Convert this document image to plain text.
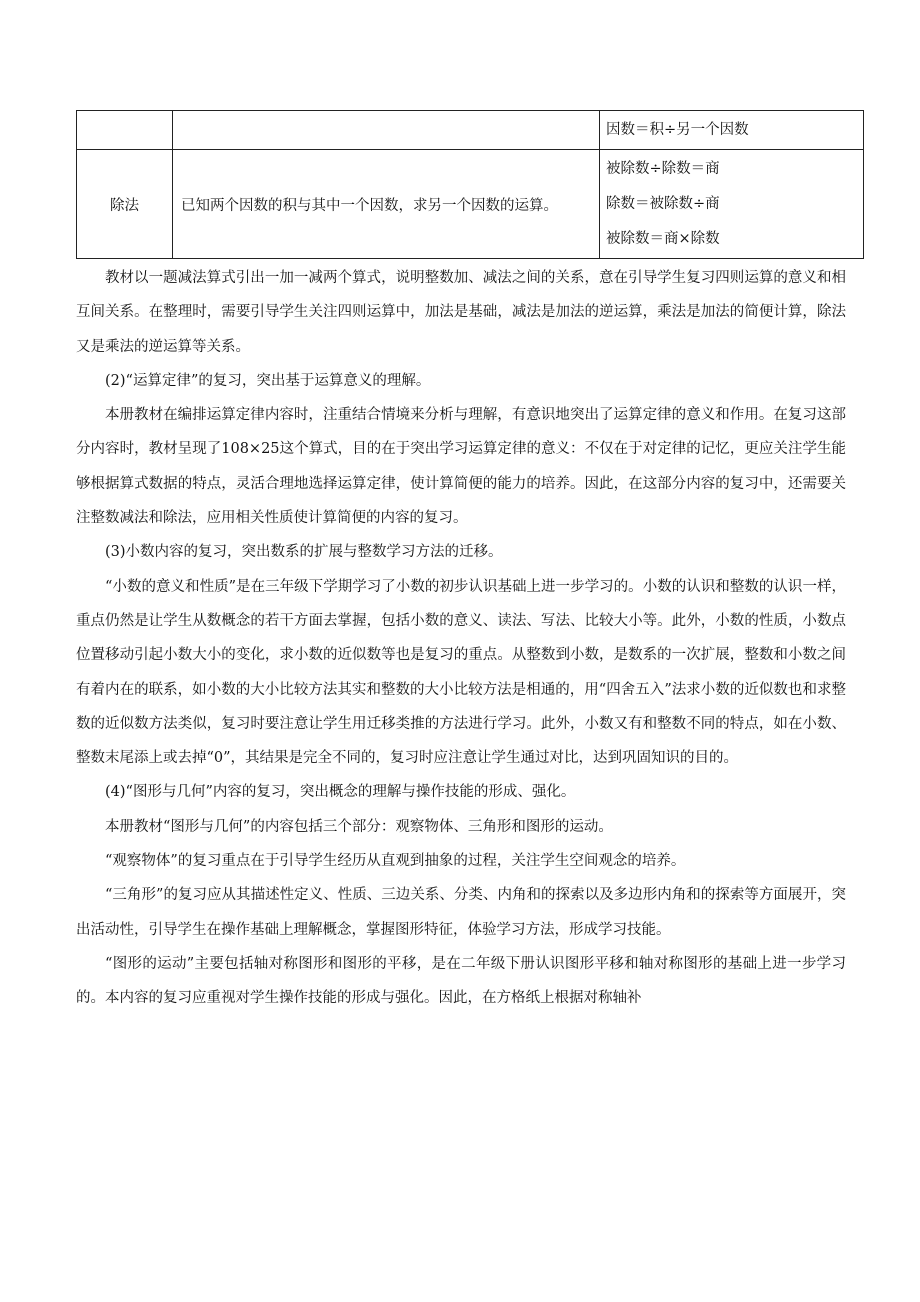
		因数＝积÷另一个因数

除法	已知两个因数的积与其中一个因数，求另一个因数的运算。	被除数÷除数＝商
除数＝被除数÷商
被除数＝商×除数

教材以一题减法算式引出一加一减两个算式，说明整数加、减法之间的关系，意在引导学生复习四则运算的意义和相互间关系。在整理时，需要引导学生关注四则运算中，加法是基础，减法是加法的逆运算，乘法是加法的简便计算，除法又是乘法的逆运算等关系。

(2)“运算定律”的复习，突出基于运算意义的理解。

本册教材在编排运算定律内容时，注重结合情境来分析与理解，有意识地突出了运算定律的意义和作用。在复习这部分内容时，教材呈现了108×25这个算式，目的在于突出学习运算定律的意义：不仅在于对定律的记忆，更应关注学生能够根据算式数据的特点，灵活合理地选择运算定律，使计算简便的能力的培养。因此，在这部分内容的复习中，还需要关注整数减法和除法，应用相关性质使计算简便的内容的复习。

(3)小数内容的复习，突出数系的扩展与整数学习方法的迁移。

“小数的意义和性质”是在三年级下学期学习了小数的初步认识基础上进一步学习的。小数的认识和整数的认识一样，重点仍然是让学生从数概念的若干方面去掌握，包括小数的意义、读法、写法、比较大小等。此外，小数的性质，小数点位置移动引起小数大小的变化，求小数的近似数等也是复习的重点。从整数到小数，是数系的一次扩展，整数和小数之间有着内在的联系，如小数的大小比较方法其实和整数的大小比较方法是相通的，用“四舍五入”法求小数的近似数也和求整数的近似数方法类似，复习时要注意让学生用迁移类推的方法进行学习。此外，小数又有和整数不同的特点，如在小数、整数末尾添上或去掉“0”，其结果是完全不同的，复习时应注意让学生通过对比，达到巩固知识的目的。

(4)“图形与几何”内容的复习，突出概念的理解与操作技能的形成、强化。

本册教材“图形与几何”的内容包括三个部分：观察物体、三角形和图形的运动。

“观察物体”的复习重点在于引导学生经历从直观到抽象的过程，关注学生空间观念的培养。

“三角形”的复习应从其描述性定义、性质、三边关系、分类、内角和的探索以及多边形内角和的探索等方面展开，突出活动性，引导学生在操作基础上理解概念，掌握图形特征，体验学习方法，形成学习技能。

“图形的运动”主要包括轴对称图形和图形的平移，是在二年级下册认识图形平移和轴对称图形的基础上进一步学习的。本内容的复习应重视对学生操作技能的形成与强化。因此，在方格纸上根据对称轴补
